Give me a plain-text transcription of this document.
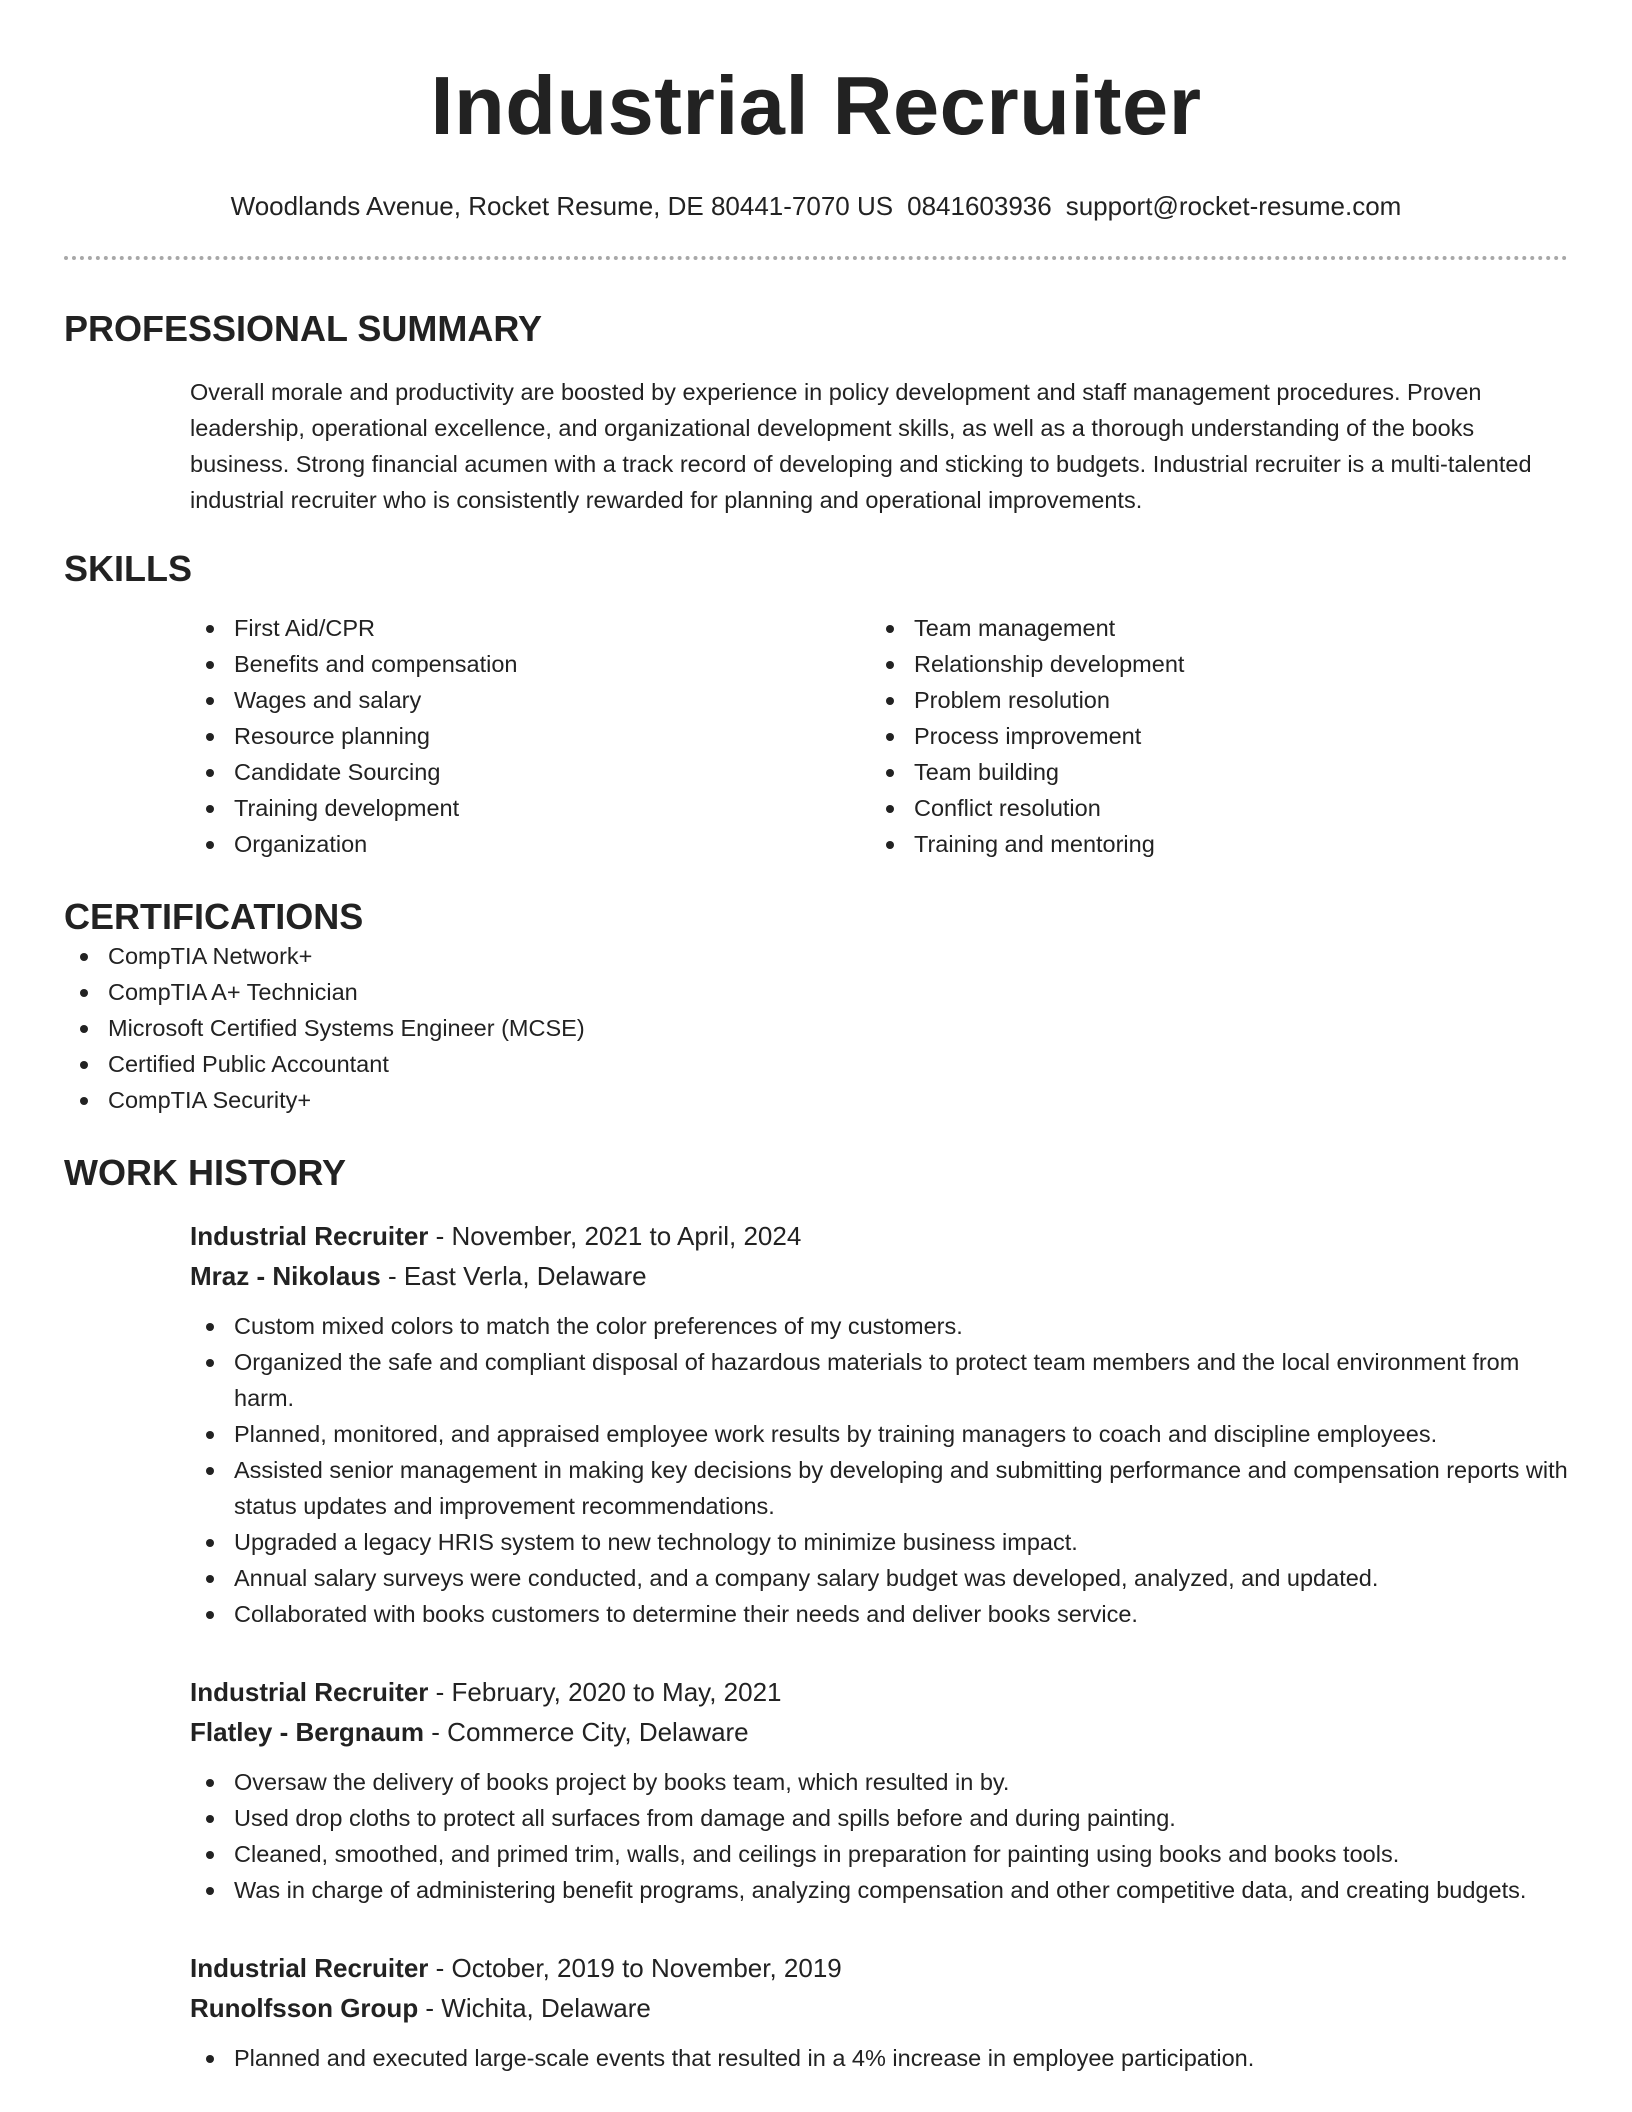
Industrial Recruiter
Woodlands Avenue, Rocket Resume, DE 80441-7070 US 0841603936 support@rocket-resume.com
PROFESSIONAL SUMMARY

Overall morale and productivity are boosted by experience in policy development and staff management procedures. Proven leadership, operational excellence, and organizational development skills, as well as a thorough understanding of the books business. Strong financial acumen with a track record of developing and sticking to budgets. Industrial recruiter is a multi-talented industrial recruiter who is consistently rewarded for planning and operational improvements.

SKILLS
First Aid/CPR
Benefits and compensation
Wages and salary
Resource planning
Candidate Sourcing
Training development
Organization
Team management
Relationship development
Problem resolution
Process improvement
Team building
Conflict resolution
Training and mentoring
CERTIFICATIONS
CompTIA Network+
CompTIA A+ Technician
Microsoft Certified Systems Engineer (MCSE)
Certified Public Accountant
CompTIA Security+
WORK HISTORY
Industrial Recruiter - November, 2021 to April, 2024
Mraz - Nikolaus - East Verla, Delaware
Custom mixed colors to match the color preferences of my customers.
Organized the safe and compliant disposal of hazardous materials to protect team members and the local environment from harm.
Planned, monitored, and appraised employee work results by training managers to coach and discipline employees.
Assisted senior management in making key decisions by developing and submitting performance and compensation reports with status updates and improvement recommendations.
Upgraded a legacy HRIS system to new technology to minimize business impact.
Annual salary surveys were conducted, and a company salary budget was developed, analyzed, and updated.
Collaborated with books customers to determine their needs and deliver books service.
Industrial Recruiter - February, 2020 to May, 2021
Flatley - Bergnaum - Commerce City, Delaware
Oversaw the delivery of books project by books team, which resulted in by.
Used drop cloths to protect all surfaces from damage and spills before and during painting.
Cleaned, smoothed, and primed trim, walls, and ceilings in preparation for painting using books and books tools.
Was in charge of administering benefit programs, analyzing compensation and other competitive data, and creating budgets.
Industrial Recruiter - October, 2019 to November, 2019
Runolfsson Group - Wichita, Delaware
Planned and executed large-scale events that resulted in a 4% increase in employee participation.
